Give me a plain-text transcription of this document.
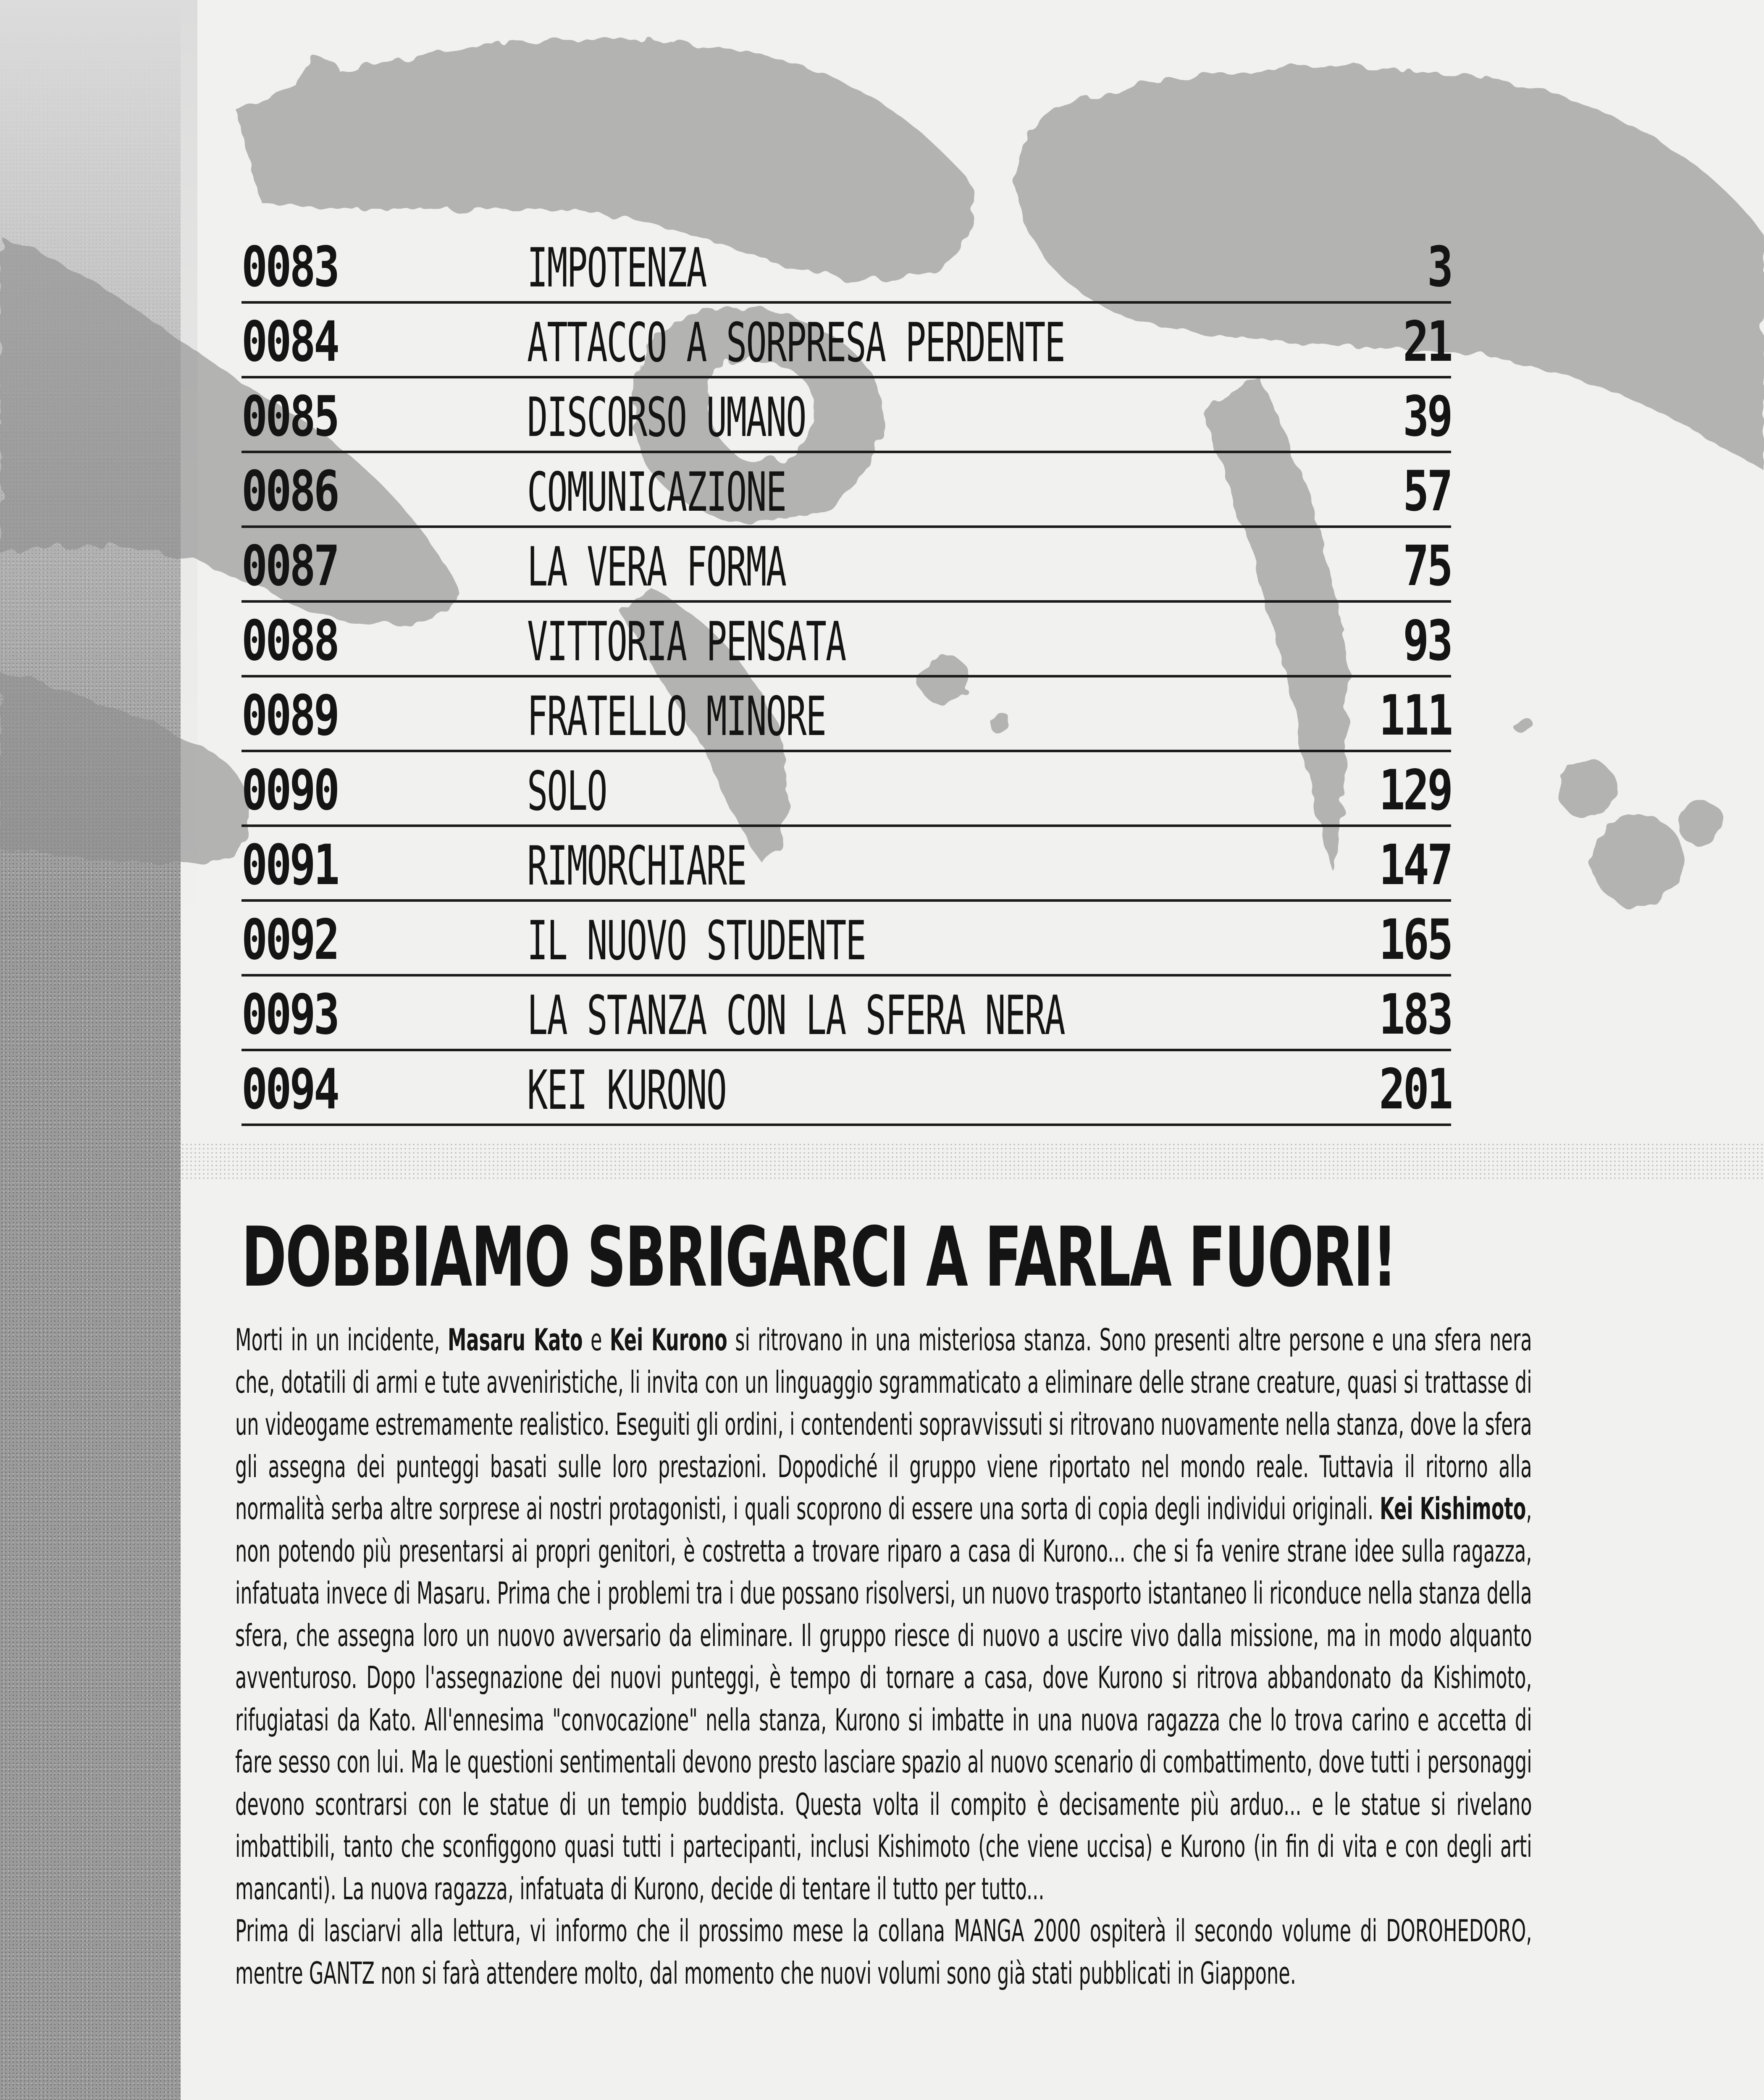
0083	IMPOTENZA	3
0084	ATTACCO A SORPRESA PERDENTE	21
0085	DISCORSO UMANO	39
0086	COMUNICAZIONE	57
0087	LA VERA FORMA	75
0088	VITTORIA PENSATA	93
0089	FRATELLO MINORE	111
0090	SOLO	129
0091	RIMORCHIARE	147
0092	IL NUOVO STUDENTE	165
0093	LA STANZA CON LA SFERA NERA	183
0094	KEI KURONO	201
DOBBIAMO SBRIGARCI A FARLA FUORI!

Morti in un incidente, Masaru Kato e Kei Kurono si ritrovano in una misteriosa stanza. Sono presenti altre persone e una sfera nera che, dotatili di armi e tute avveniristiche, li invita con un linguaggio sgrammaticato a eliminare delle strane creature, quasi si trattasse di un videogame estremamente realistico. Eseguiti gli ordini, i contendenti sopravvissuti si ritrovano nuovamente nella stanza, dove la sfera gli assegna dei punteggi basati sulle loro prestazioni. Dopodiché il gruppo viene riportato nel mondo reale. Tuttavia il ritorno alla normalità serba altre sorprese ai nostri protagonisti, i quali scoprono di essere una sorta di copia degli individui originali. Kei Kishimoto, non potendo più presentarsi ai propri genitori, è costretta a trovare riparo a casa di Kurono... che si fa venire strane idee sulla ragazza, infatuata invece di Masaru. Prima che i problemi tra i due possano risolversi, un nuovo trasporto istantaneo li riconduce nella stanza della sfera, che assegna loro un nuovo avversario da eliminare. Il gruppo riesce di nuovo a uscire vivo dalla missione, ma in modo alquanto avventuroso. Dopo l'assegnazione dei nuovi punteggi, è tempo di tornare a casa, dove Kurono si ritrova abbandonato da Kishimoto, rifugiatasi da Kato. All'ennesima "convocazione" nella stanza, Kurono si imbatte in una nuova ragazza che lo trova carino e accetta di fare sesso con lui. Ma le questioni sentimentali devono presto lasciare spazio al nuovo scenario di combattimento, dove tutti i personaggi devono scontrarsi con le statue di un tempio buddista. Questa volta il compito è decisamente più arduo... e le statue si rivelano imbattibili, tanto che sconfiggono quasi tutti i partecipanti, inclusi Kishimoto (che viene uccisa) e Kurono (in fin di vita e con degli arti mancanti). La nuova ragazza, infatuata di Kurono, decide di tentare il tutto per tutto...

Prima di lasciarvi alla lettura, vi informo che il prossimo mese la collana MANGA 2000 ospiterà il secondo volume di DOROHEDORO, mentre GANTZ non si farà attendere molto, dal momento che nuovi volumi sono già stati pubblicati in Giappone.
